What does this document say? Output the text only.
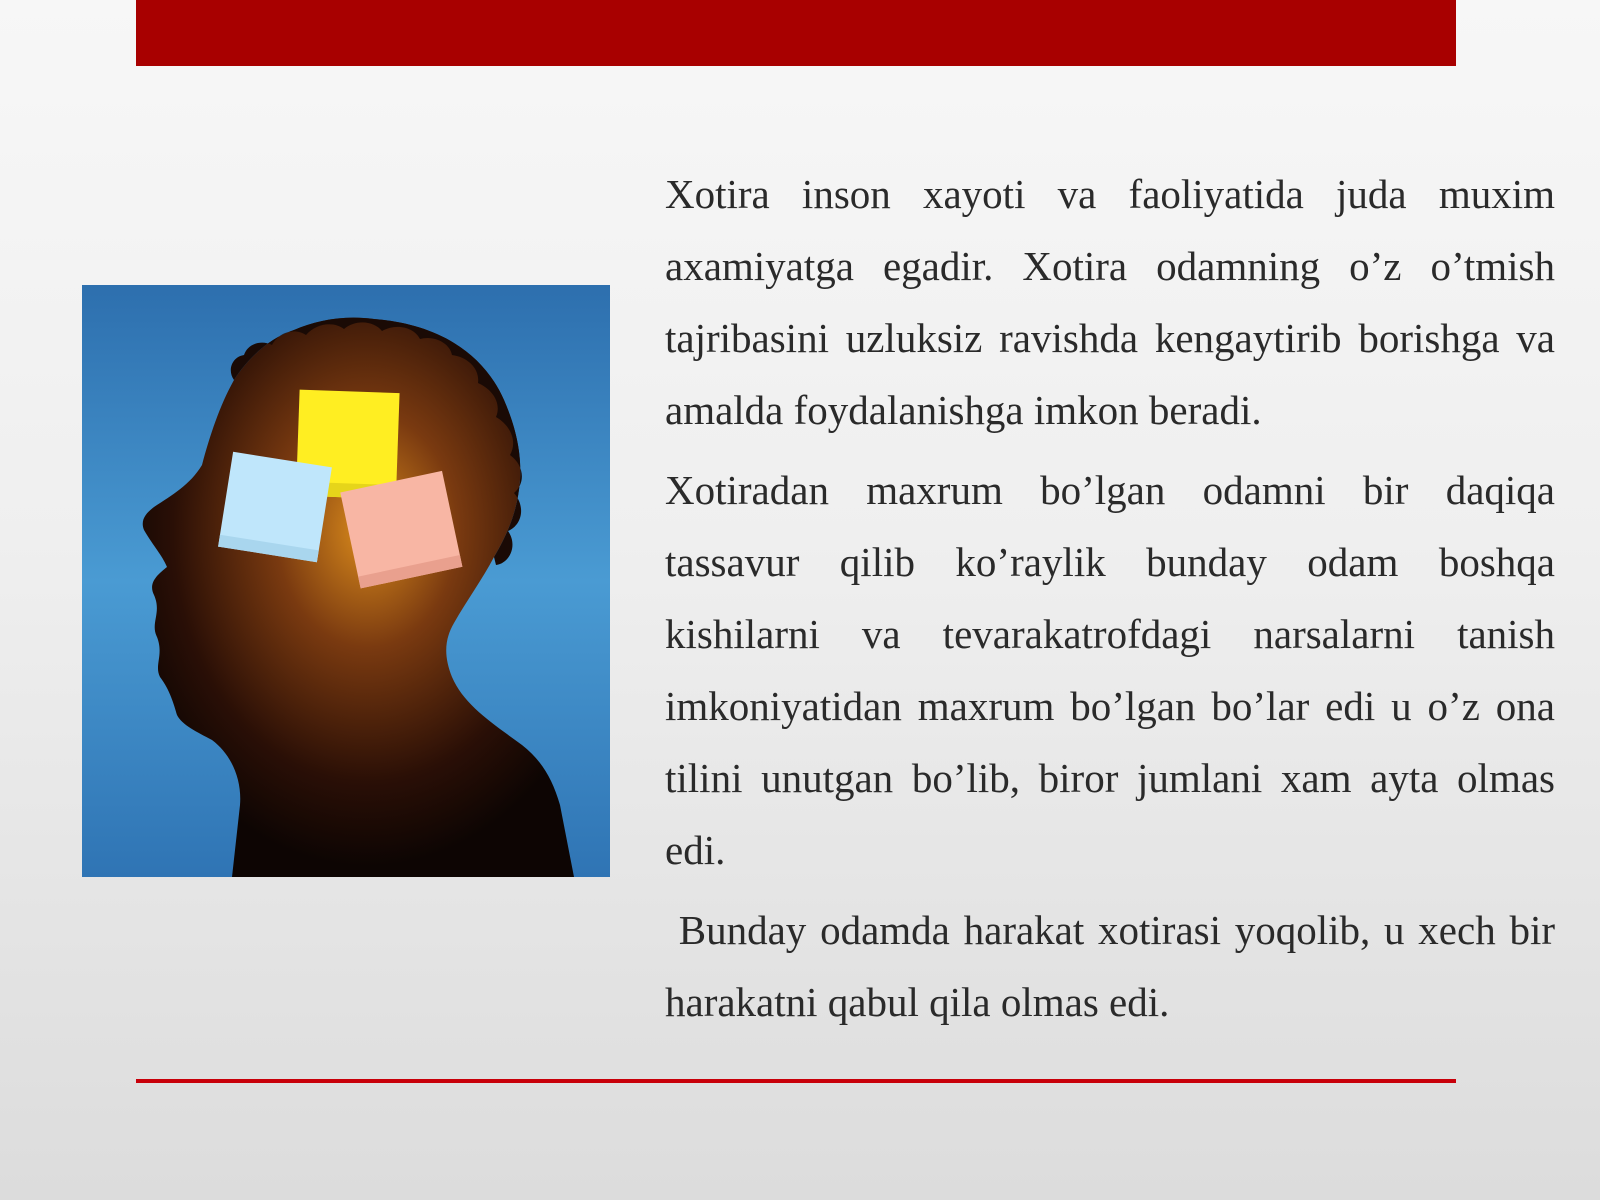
Xotira inson xayoti va faoliyatida juda muxim axamiyatga egadir. Xotira odamning o’z o’tmish tajribasini uzluksiz ravishda kengaytirib borishga va amalda foydalanishga imkon beradi.

Xotiradan maxrum bo’lgan odamni bir daqiqa tassavur qilib ko’raylik bunday odam boshqa kishilarni va tevarakatrofdagi narsalarni tanish imkoniyatidan maxrum bo’lgan bo’lar edi u o’z ona tilini unutgan bo’lib, biror jumlani xam ayta olmas edi.

Bunday odamda harakat xotirasi yoqolib, u xech bir harakatni qabul qila olmas edi.
